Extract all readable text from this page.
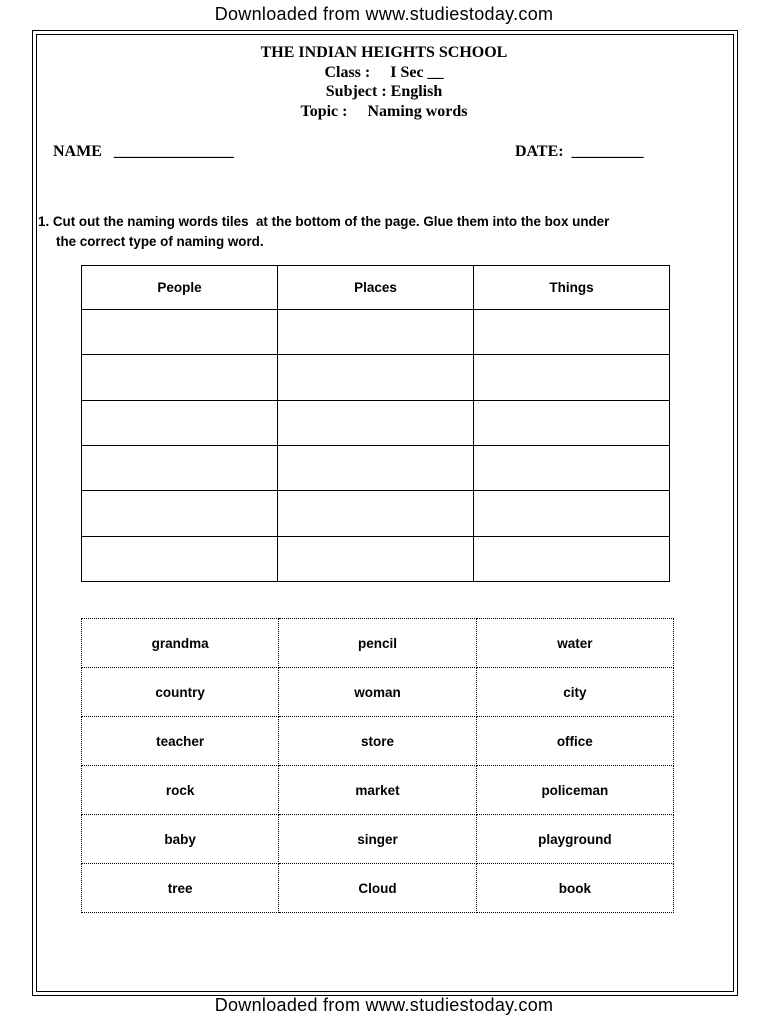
Downloaded from www.studiestoday.com
THE INDIAN HEIGHTS SCHOOL
Class :     I Sec __
Subject : English
Topic :     Naming words
NAME   _______________	DATE:  _________
1. Cut out the naming words tiles  at the bottom of the page. Glue them into the box under
the correct type of naming word.
People	Places	Things

grandma	pencil	water
country	woman	city
teacher	store	office
rock	market	policeman
baby	singer	playground
tree	Cloud	book
Downloaded from www.studiestoday.com
